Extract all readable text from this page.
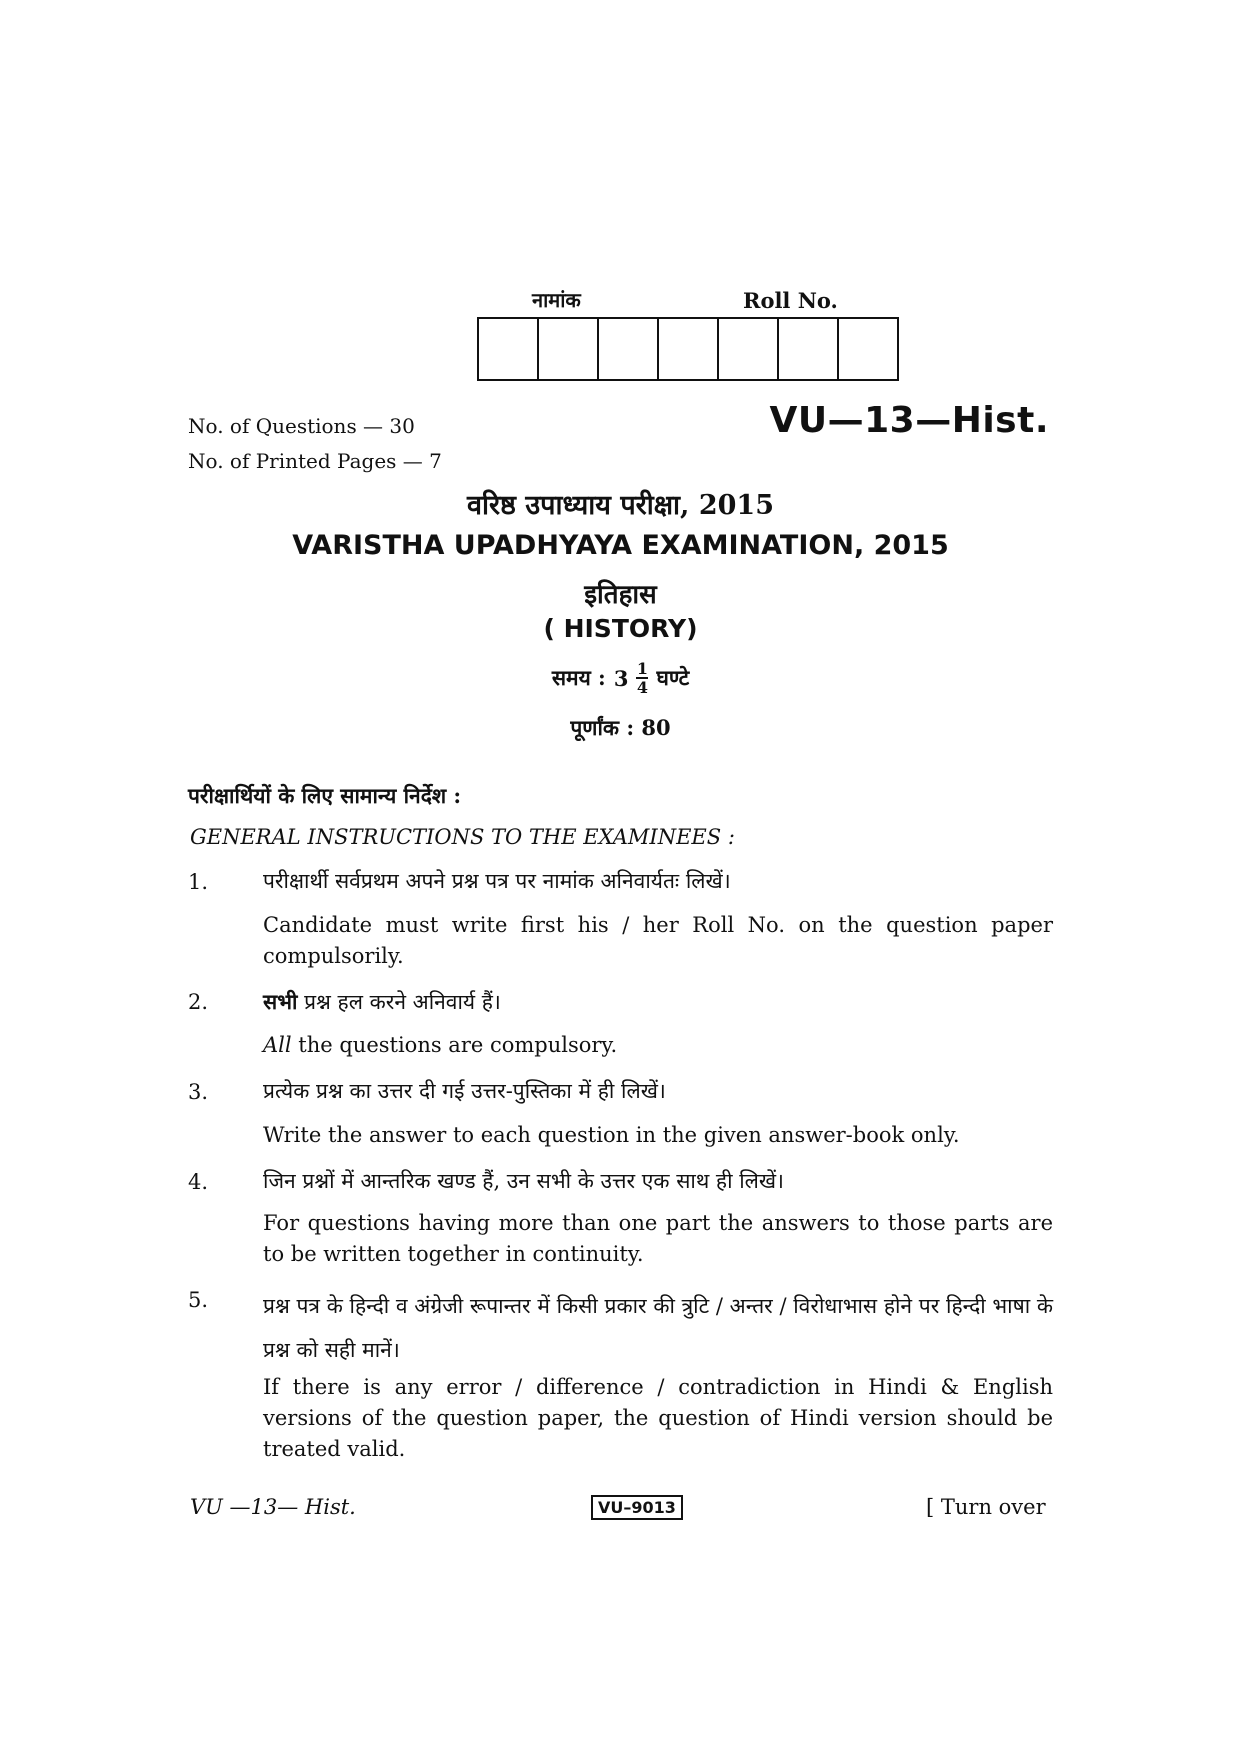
नामांक	Roll No.
No. of Questions — 30
No. of Printed Pages — 7
VU—13—Hist.
वरिष्ठ उपाध्याय परीक्षा, 2015
VARISTHA UPADHYAYA EXAMINATION, 2015
इतिहास
( HISTORY)
समय : $3 \frac{1}{4}$ घण्टे
पूर्णांक : 80
परीक्षार्थियों के लिए सामान्य निर्देश :
GENERAL INSTRUCTIONS TO THE EXAMINEES :
1.	परीक्षार्थी सर्वप्रथम अपने प्रश्न पत्र पर नामांक अनिवार्यतः लिखें।
Candidate must write first his / her Roll No. on the question paper compulsorily.
2.	सभी प्रश्न हल करने अनिवार्य हैं।
All the questions are compulsory.
3.	प्रत्येक प्रश्न का उत्तर दी गई उत्तर-पुस्तिका में ही लिखें।
Write the answer to each question in the given answer-book only.
4.	जिन प्रश्नों में आन्तरिक खण्ड हैं, उन सभी के उत्तर एक साथ ही लिखें।
For questions having more than one part the answers to those parts are to be written together in continuity.
5.	प्रश्न पत्र के हिन्दी व अंग्रेजी रूपान्तर में किसी प्रकार की त्रुटि / अन्तर / विरोधाभास होने पर हिन्दी भाषा के प्रश्न को सही मानें।
If there is any error / difference / contradiction in Hindi & English versions of the question paper, the question of Hindi version should be treated valid.
VU —13— Hist.	VU–9013	[ Turn over
